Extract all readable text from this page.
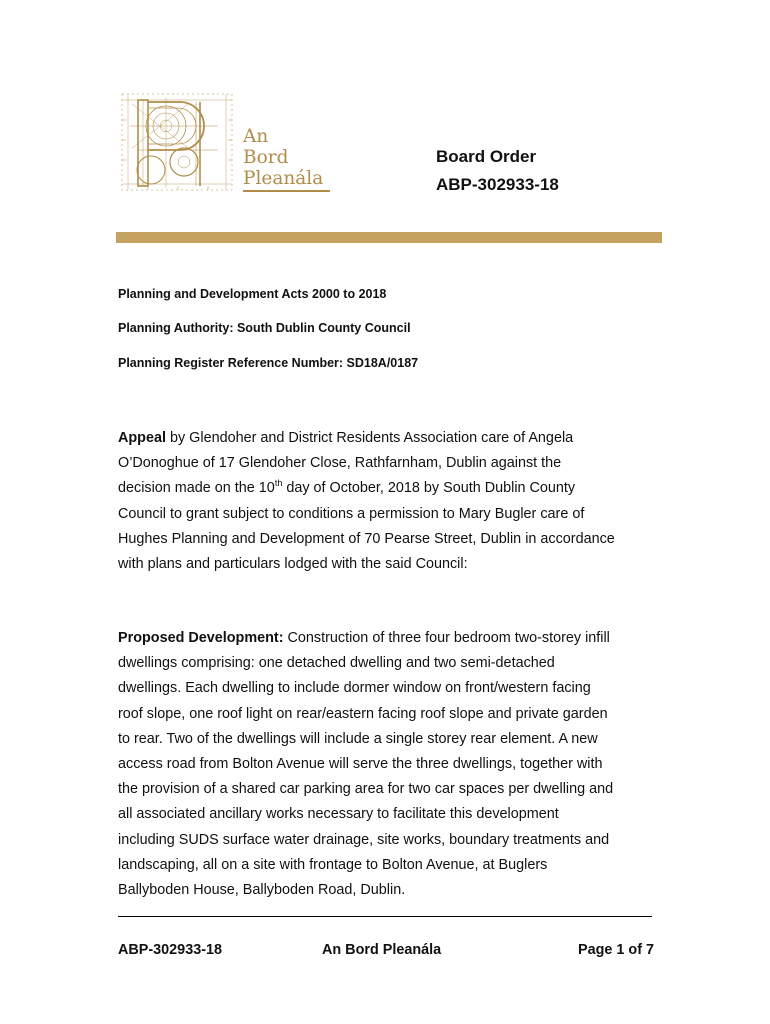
An
Bord
Pleanála
Board Order
ABP-302933-18
Planning and Development Acts 2000 to 2018
Planning Authority: South Dublin County Council
Planning Register Reference Number: SD18A/0187
Appeal by Glendoher and District Residents Association care of Angela
O’Donoghue of 17 Glendoher Close, Rathfarnham, Dublin against the
decision made on the 10th day of October, 2018 by South Dublin County
Council to grant subject to conditions a permission to Mary Bugler care of
Hughes Planning and Development of 70 Pearse Street, Dublin in accordance
with plans and particulars lodged with the said Council:
Proposed Development: Construction of three four bedroom two-storey infill
dwellings comprising: one detached dwelling and two semi-detached
dwellings. Each dwelling to include dormer window on front/western facing
roof slope, one roof light on rear/eastern facing roof slope and private garden
to rear. Two of the dwellings will include a single storey rear element. A new
access road from Bolton Avenue will serve the three dwellings, together with
the provision of a shared car parking area for two car spaces per dwelling and
all associated ancillary works necessary to facilitate this development
including SUDS surface water drainage, site works, boundary treatments and
landscaping, all on a site with frontage to Bolton Avenue, at Buglers
Ballyboden House, Ballyboden Road, Dublin.
ABP-302933-18	An Bord Pleanála	Page 1 of 7
